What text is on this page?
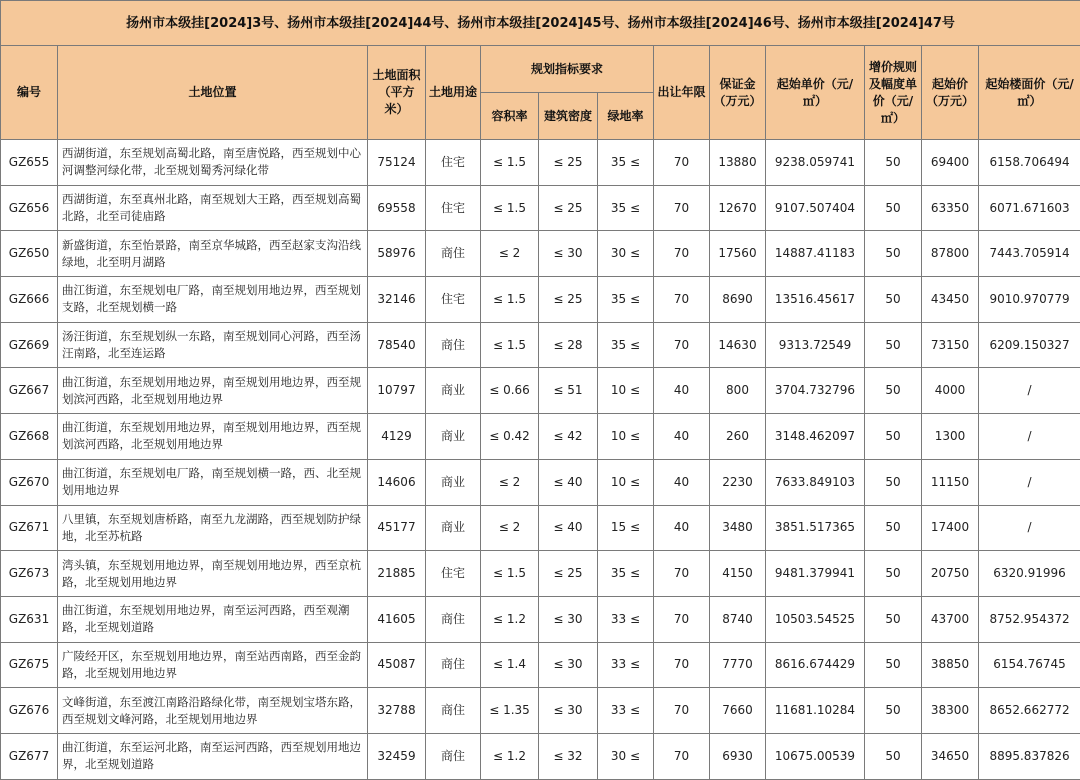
扬州市本级挂[2024]3号、扬州市本级挂[2024]44号、扬州市本级挂[2024]45号、扬州市本级挂[2024]46号、扬州市本级挂[2024]47号												
编号	土地位置	土地面积（平方米）	土地用途	规划指标要求			出让年限	保证金（万元）	起始单价（元/㎡）	增价规则及幅度单价（元/㎡）	起始价（万元）	起始楼面价（元/㎡）
				容积率	建筑密度	绿地率						
GZ655	西湖街道，东至规划高蜀北路，南至唐悦路，西至规划中心河调整河绿化带，北至规划蜀秀河绿化带	75124	住宅	≤ 1.5	≤ 25	35 ≤	70	13880	9238.059741	50	69400	6158.706494
GZ656	西湖街道，东至真州北路，南至规划大王路，西至规划高蜀北路，北至司徒庙路	69558	住宅	≤ 1.5	≤ 25	35 ≤	70	12670	9107.507404	50	63350	6071.671603
GZ650	新盛街道，东至怡景路，南至京华城路，西至赵家支沟沿线绿地，北至明月湖路	58976	商住	≤ 2	≤ 30	30 ≤	70	17560	14887.41183	50	87800	7443.705914
GZ666	曲江街道，东至规划电厂路，南至规划用地边界，西至规划支路，北至规划横一路	32146	住宅	≤ 1.5	≤ 25	35 ≤	70	8690	13516.45617	50	43450	9010.970779
GZ669	汤汪街道，东至规划纵一东路，南至规划同心河路，西至汤汪南路，北至连运路	78540	商住	≤ 1.5	≤ 28	35 ≤	70	14630	9313.72549	50	73150	6209.150327
GZ667	曲江街道，东至规划用地边界，南至规划用地边界，西至规划滨河西路，北至规划用地边界	10797	商业	≤ 0.66	≤ 51	10 ≤	40	800	3704.732796	50	4000	/
GZ668	曲江街道，东至规划用地边界，南至规划用地边界，西至规划滨河西路，北至规划用地边界	4129	商业	≤ 0.42	≤ 42	10 ≤	40	260	3148.462097	50	1300	/
GZ670	曲江街道，东至规划电厂路，南至规划横一路，西、北至规划用地边界	14606	商业	≤ 2	≤ 40	10 ≤	40	2230	7633.849103	50	11150	/
GZ671	八里镇，东至规划唐桥路，南至九龙湖路，西至规划防护绿地，北至苏杭路	45177	商业	≤ 2	≤ 40	15 ≤	40	3480	3851.517365	50	17400	/
GZ673	湾头镇，东至规划用地边界，南至规划用地边界，西至京杭路，北至规划用地边界	21885	住宅	≤ 1.5	≤ 25	35 ≤	70	4150	9481.379941	50	20750	6320.91996
GZ631	曲江街道，东至规划用地边界，南至运河西路，西至观潮路，北至规划道路	41605	商住	≤ 1.2	≤ 30	33 ≤	70	8740	10503.54525	50	43700	8752.954372
GZ675	广陵经开区，东至规划用地边界，南至站西南路，西至金韵路，北至规划用地边界	45087	商住	≤ 1.4	≤ 30	33 ≤	70	7770	8616.674429	50	38850	6154.76745
GZ676	文峰街道，东至渡江南路沿路绿化带，南至规划宝塔东路，西至规划文峰河路，北至规划用地边界	32788	商住	≤ 1.35	≤ 30	33 ≤	70	7660	11681.10284	50	38300	8652.662772
GZ677	曲江街道，东至运河北路，南至运河西路，西至规划用地边界，北至规划道路	32459	商住	≤ 1.2	≤ 32	30 ≤	70	6930	10675.00539	50	34650	8895.837826
